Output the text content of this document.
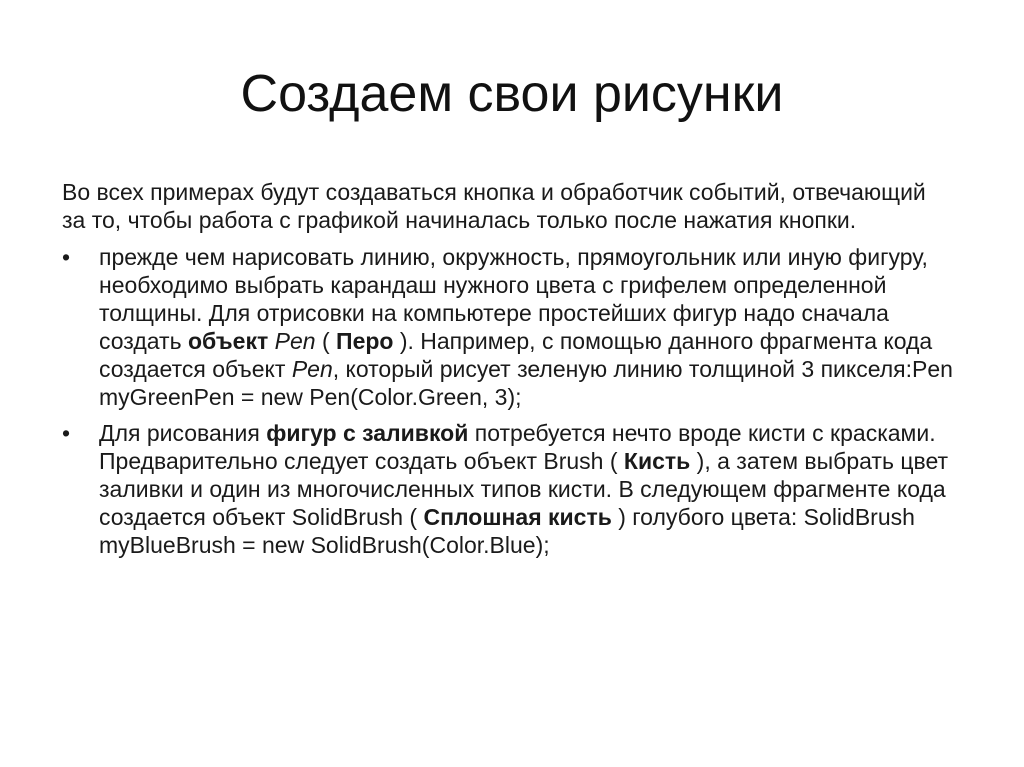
Создаем свои рисунки

Во всех примерах будут создаваться кнопка и обработчик событий, отвечающий за то, чтобы работа с графикой начиналась только после нажатия кнопки.

•	прежде чем нарисовать линию, окружность, прямоугольник или иную фигуру, необходимо выбрать карандаш нужного цвета с грифелем определенной толщины. Для отрисовки на компьютере простейших фигур надо сначала создать объект Pen ( Перо ). Например, с помощью данного фрагмента кода создается объект Pen, который рисует зеленую линию толщиной 3 пикселя:Pen myGreenPen = new Pen(Color.Green, 3);
•	Для рисования фигур с заливкой потребуется нечто вроде кисти с красками. Предварительно следует создать объект Brush ( Кисть ), а затем выбрать цвет заливки и один из многочисленных типов кисти. В следующем фрагменте кода создается объект SolidBrush ( Сплошная кисть ) голубого цвета: SolidBrush myBlueBrush = new SolidBrush(Color.Blue);
